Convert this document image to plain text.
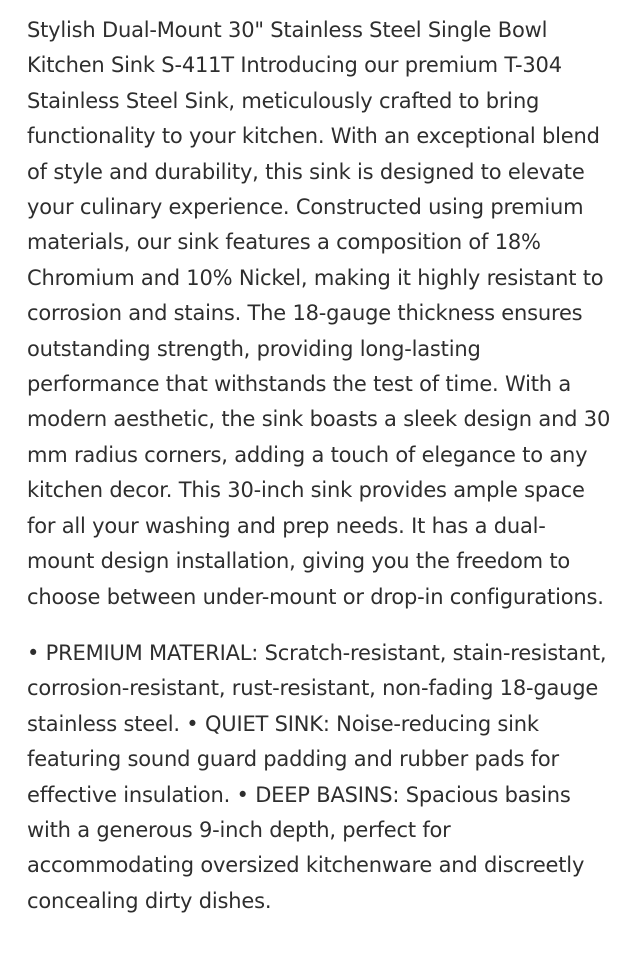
Stylish Dual-Mount 30" Stainless Steel Single Bowl Kitchen Sink S-411T Introducing our premium T-304 Stainless Steel Sink, meticulously crafted to bring functionality to your kitchen. With an exceptional blend of style and durability, this sink is designed to elevate your culinary experience. Constructed using premium materials, our sink features a composition of 18% Chromium and 10% Nickel, making it highly resistant to corrosion and stains. The 18-gauge thickness ensures outstanding strength, providing long-lasting performance that withstands the test of time. With a modern aesthetic, the sink boasts a sleek design and 30 mm radius corners, adding a touch of elegance to any kitchen decor. This 30-inch sink provides ample space for all your washing and prep needs. It has a dual-mount design installation, giving you the freedom to choose between under-mount or drop-in configurations.

• PREMIUM MATERIAL: Scratch-resistant, stain-resistant, corrosion-resistant, rust-resistant, non-fading 18-gauge stainless steel. • QUIET SINK: Noise-reducing sink featuring sound guard padding and rubber pads for effective insulation. • DEEP BASINS: Spacious basins with a generous 9-inch depth, perfect for accommodating oversized kitchenware and discreetly concealing dirty dishes.
